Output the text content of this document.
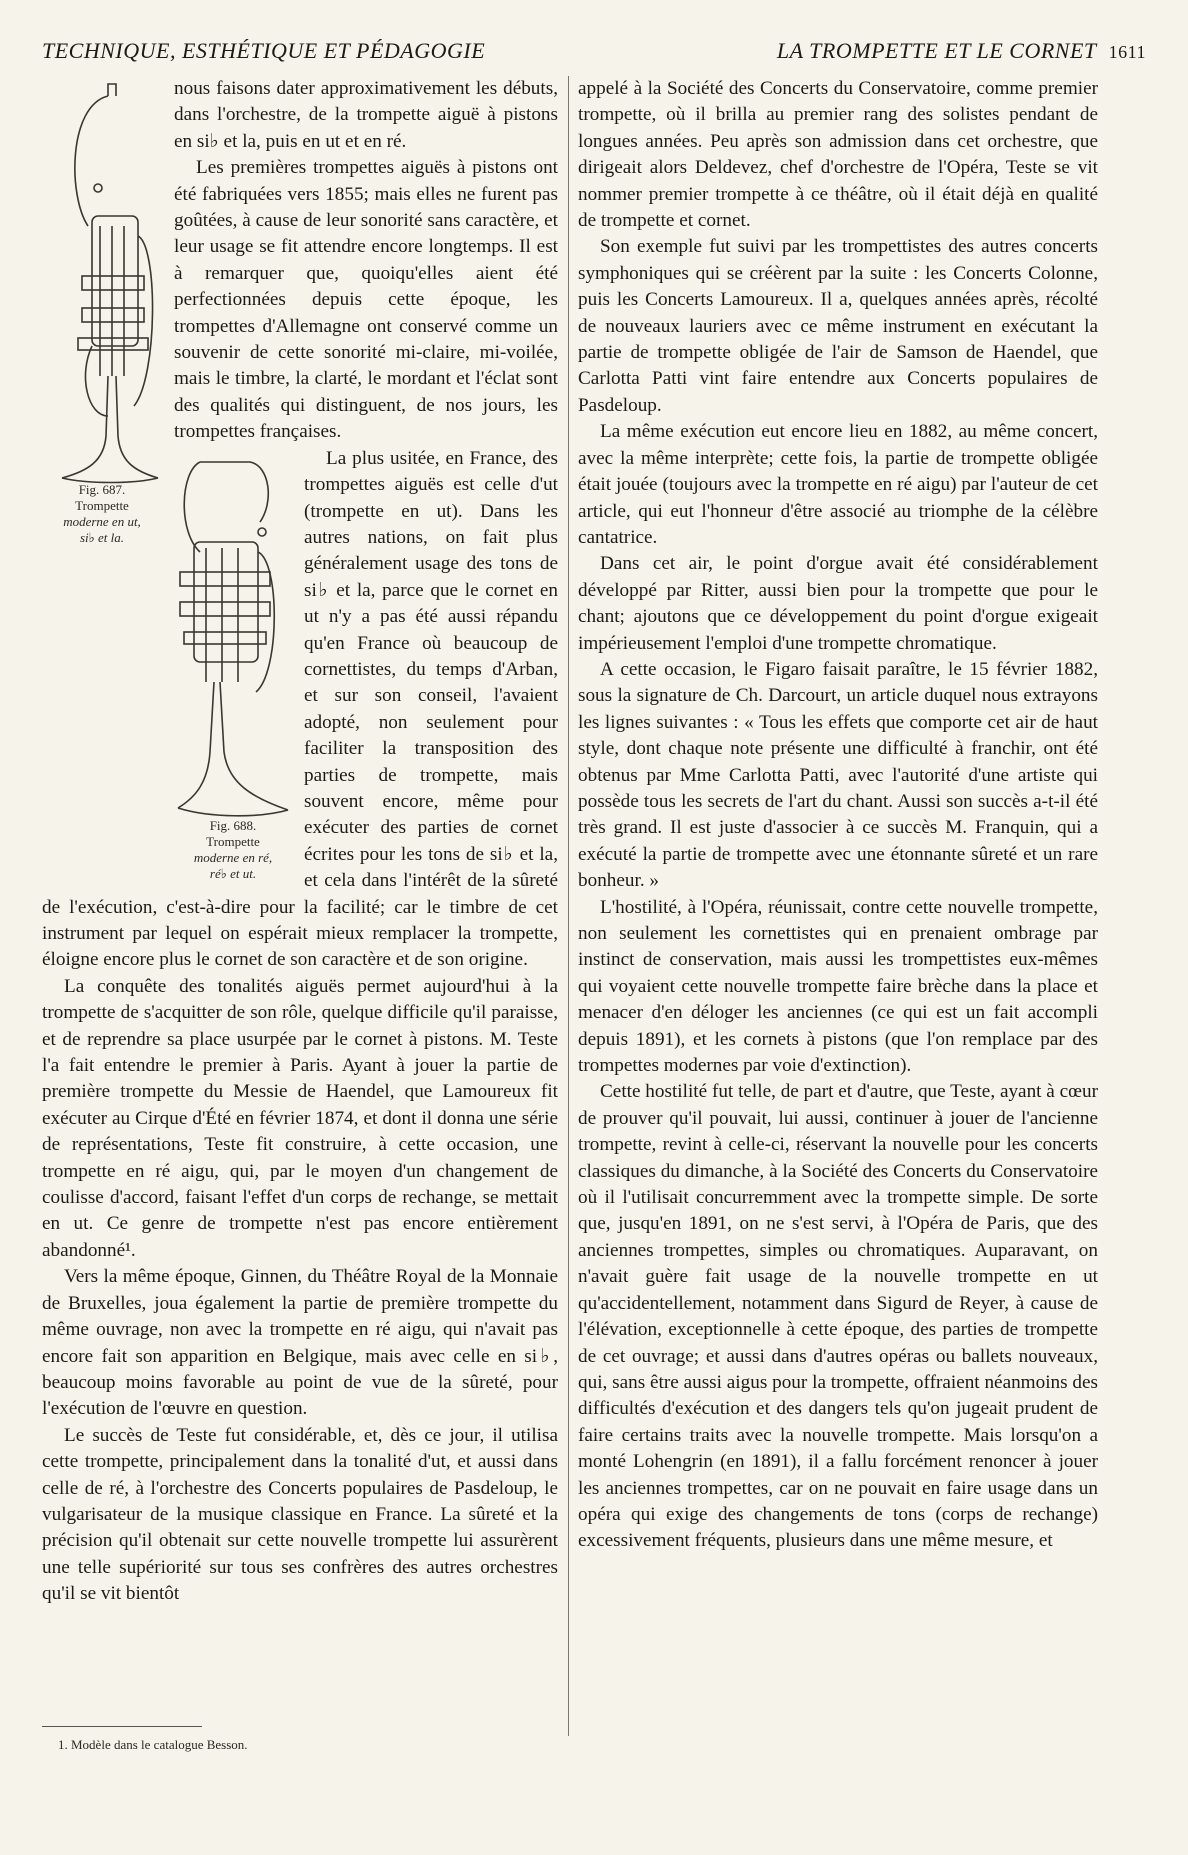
TECHNIQUE, ESTHÉTIQUE ET PÉDAGOGIE	LA TROMPETTE ET LE CORNET 1611
Fig. 687.
Trompette
moderne en ut,
si♭ et la.

nous faisons dater approximativement les débuts, dans l'orchestre, de la trompette aiguë à pistons en si♭ et la, puis en ut et en ré.

Les premières trompettes aiguës à pistons ont été fabriquées vers 1855; mais elles ne furent pas goûtées, à cause de leur sonorité sans caractère, et leur usage se fit attendre encore longtemps. Il est à remarquer que, quoiqu'elles aient été perfectionnées depuis cette époque, les trompettes d'Allemagne ont conservé comme un souvenir de cette sonorité mi-claire, mi-voilée, mais le timbre, la clarté, le mordant et l'éclat sont des qualités qui distinguent, de nos jours, les trompettes françaises.

Fig. 688.
Trompette
moderne en ré,
ré♭ et ut.

La plus usitée, en France, des trompettes aiguës est celle d'ut (trompette en ut). Dans les autres nations, on fait plus généralement usage des tons de si♭ et la, parce que le cornet en ut n'y a pas été aussi répandu qu'en France où beaucoup de cornettistes, du temps d'Arban, et sur son conseil, l'avaient adopté, non seulement pour faciliter la transposition des parties de trompette, mais souvent encore, même pour exécuter des parties de cornet écrites pour les tons de si♭ et la, et cela dans l'intérêt de la sûreté de l'exécution, c'est-à-dire pour la facilité; car le timbre de cet instrument par lequel on espérait mieux remplacer la trompette, éloigne encore plus le cornet de son caractère et de son origine.

La conquête des tonalités aiguës permet aujourd'hui à la trompette de s'acquitter de son rôle, quelque difficile qu'il paraisse, et de reprendre sa place usurpée par le cornet à pistons. M. Teste l'a fait entendre le premier à Paris. Ayant à jouer la partie de première trompette du Messie de Haendel, que Lamoureux fit exécuter au Cirque d'Été en février 1874, et dont il donna une série de représentations, Teste fit construire, à cette occasion, une trompette en ré aigu, qui, par le moyen d'un changement de coulisse d'accord, faisant l'effet d'un corps de rechange, se mettait en ut. Ce genre de trompette n'est pas encore entièrement abandonné¹.

Vers la même époque, Ginnen, du Théâtre Royal de la Monnaie de Bruxelles, joua également la partie de première trompette du même ouvrage, non avec la trompette en ré aigu, qui n'avait pas encore fait son apparition en Belgique, mais avec celle en si♭, beaucoup moins favorable au point de vue de la sûreté, pour l'exécution de l'œuvre en question.

Le succès de Teste fut considérable, et, dès ce jour, il utilisa cette trompette, principalement dans la tonalité d'ut, et aussi dans celle de ré, à l'orchestre des Concerts populaires de Pasdeloup, le vulgarisateur de la musique classique en France. La sûreté et la précision qu'il obtenait sur cette nouvelle trompette lui assurèrent une telle supériorité sur tous ses confrères des autres orchestres qu'il se vit bientôt

appelé à la Société des Concerts du Conservatoire, comme premier trompette, où il brilla au premier rang des solistes pendant de longues années. Peu après son admission dans cet orchestre, que dirigeait alors Deldevez, chef d'orchestre de l'Opéra, Teste se vit nommer premier trompette à ce théâtre, où il était déjà en qualité de trompette et cornet.

Son exemple fut suivi par les trompettistes des autres concerts symphoniques qui se créèrent par la suite : les Concerts Colonne, puis les Concerts Lamoureux. Il a, quelques années après, récolté de nouveaux lauriers avec ce même instrument en exécutant la partie de trompette obligée de l'air de Samson de Haendel, que Carlotta Patti vint faire entendre aux Concerts populaires de Pasdeloup.

La même exécution eut encore lieu en 1882, au même concert, avec la même interprète; cette fois, la partie de trompette obligée était jouée (toujours avec la trompette en ré aigu) par l'auteur de cet article, qui eut l'honneur d'être associé au triomphe de la célèbre cantatrice.

Dans cet air, le point d'orgue avait été considérablement développé par Ritter, aussi bien pour la trompette que pour le chant; ajoutons que ce développement du point d'orgue exigeait impérieusement l'emploi d'une trompette chromatique.

A cette occasion, le Figaro faisait paraître, le 15 février 1882, sous la signature de Ch. Darcourt, un article duquel nous extrayons les lignes suivantes : « Tous les effets que comporte cet air de haut style, dont chaque note présente une difficulté à franchir, ont été obtenus par Mme Carlotta Patti, avec l'autorité d'une artiste qui possède tous les secrets de l'art du chant. Aussi son succès a-t-il été très grand. Il est juste d'associer à ce succès M. Franquin, qui a exécuté la partie de trompette avec une étonnante sûreté et un rare bonheur. »

L'hostilité, à l'Opéra, réunissait, contre cette nouvelle trompette, non seulement les cornettistes qui en prenaient ombrage par instinct de conservation, mais aussi les trompettistes eux-mêmes qui voyaient cette nouvelle trompette faire brèche dans la place et menacer d'en déloger les anciennes (ce qui est un fait accompli depuis 1891), et les cornets à pistons (que l'on remplace par des trompettes modernes par voie d'extinction).

Cette hostilité fut telle, de part et d'autre, que Teste, ayant à cœur de prouver qu'il pouvait, lui aussi, continuer à jouer de l'ancienne trompette, revint à celle-ci, réservant la nouvelle pour les concerts classiques du dimanche, à la Société des Concerts du Conservatoire où il l'utilisait concurremment avec la trompette simple. De sorte que, jusqu'en 1891, on ne s'est servi, à l'Opéra de Paris, que des anciennes trompettes, simples ou chromatiques. Auparavant, on n'avait guère fait usage de la nouvelle trompette en ut qu'accidentellement, notamment dans Sigurd de Reyer, à cause de l'élévation, exceptionnelle à cette époque, des parties de trompette de cet ouvrage; et aussi dans d'autres opéras ou ballets nouveaux, qui, sans être aussi aigus pour la trompette, offraient néanmoins des difficultés d'exécution et des dangers tels qu'on jugeait prudent de faire certains traits avec la nouvelle trompette. Mais lorsqu'on a monté Lohengrin (en 1891), il a fallu forcément renoncer à jouer les anciennes trompettes, car on ne pouvait en faire usage dans un opéra qui exige des changements de tons (corps de rechange) excessivement fréquents, plusieurs dans une même mesure, et

1. Modèle dans le catalogue Besson.
